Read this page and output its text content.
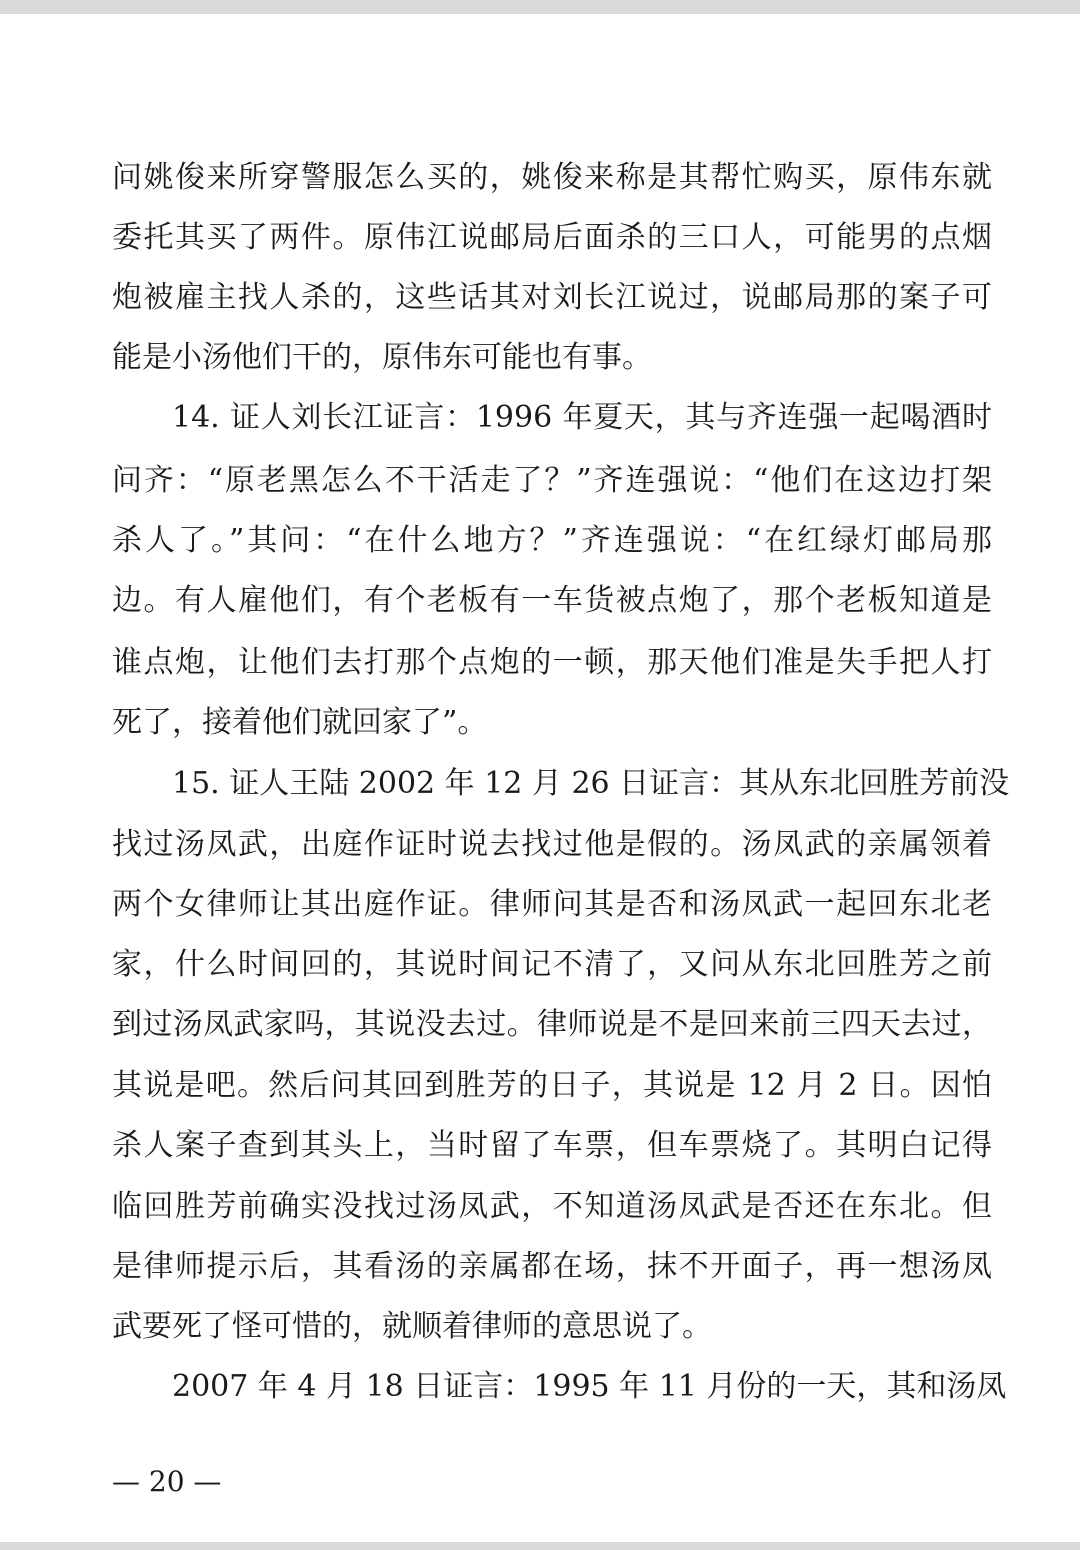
问姚俊来所穿警服怎么买的，姚俊来称是其帮忙购买，原伟东就
委托其买了两件。原伟江说邮局后面杀的三口人，可能男的点烟
炮被雇主找人杀的，这些话其对刘长江说过，说邮局那的案子可
能是小汤他们干的，原伟东可能也有事。
14. 证人刘长江证言：1996 年夏天，其与齐连强一起喝酒时
问齐：“原老黑怎么不干活走了？”齐连强说：“他们在这边打架
杀人了。”其问：“在什么地方？”齐连强说：“在红绿灯邮局那
边。有人雇他们，有个老板有一车货被点炮了，那个老板知道是
谁点炮，让他们去打那个点炮的一顿，那天他们准是失手把人打
死了，接着他们就回家了”。
15. 证人王陆 2002 年 12 月 26 日证言：其从东北回胜芳前没
找过汤凤武，出庭作证时说去找过他是假的。汤凤武的亲属领着
两个女律师让其出庭作证。律师问其是否和汤凤武一起回东北老
家，什么时间回的，其说时间记不清了，又问从东北回胜芳之前
到过汤凤武家吗，其说没去过。律师说是不是回来前三四天去过，
其说是吧。然后问其回到胜芳的日子，其说是 12 月 2 日。因怕
杀人案子查到其头上，当时留了车票，但车票烧了。其明白记得
临回胜芳前确实没找过汤凤武，不知道汤凤武是否还在东北。但
是律师提示后，其看汤的亲属都在场，抹不开面子，再一想汤凤
武要死了怪可惜的，就顺着律师的意思说了。
2007 年 4 月 18 日证言：1995 年 11 月份的一天，其和汤凤
— 20 —
